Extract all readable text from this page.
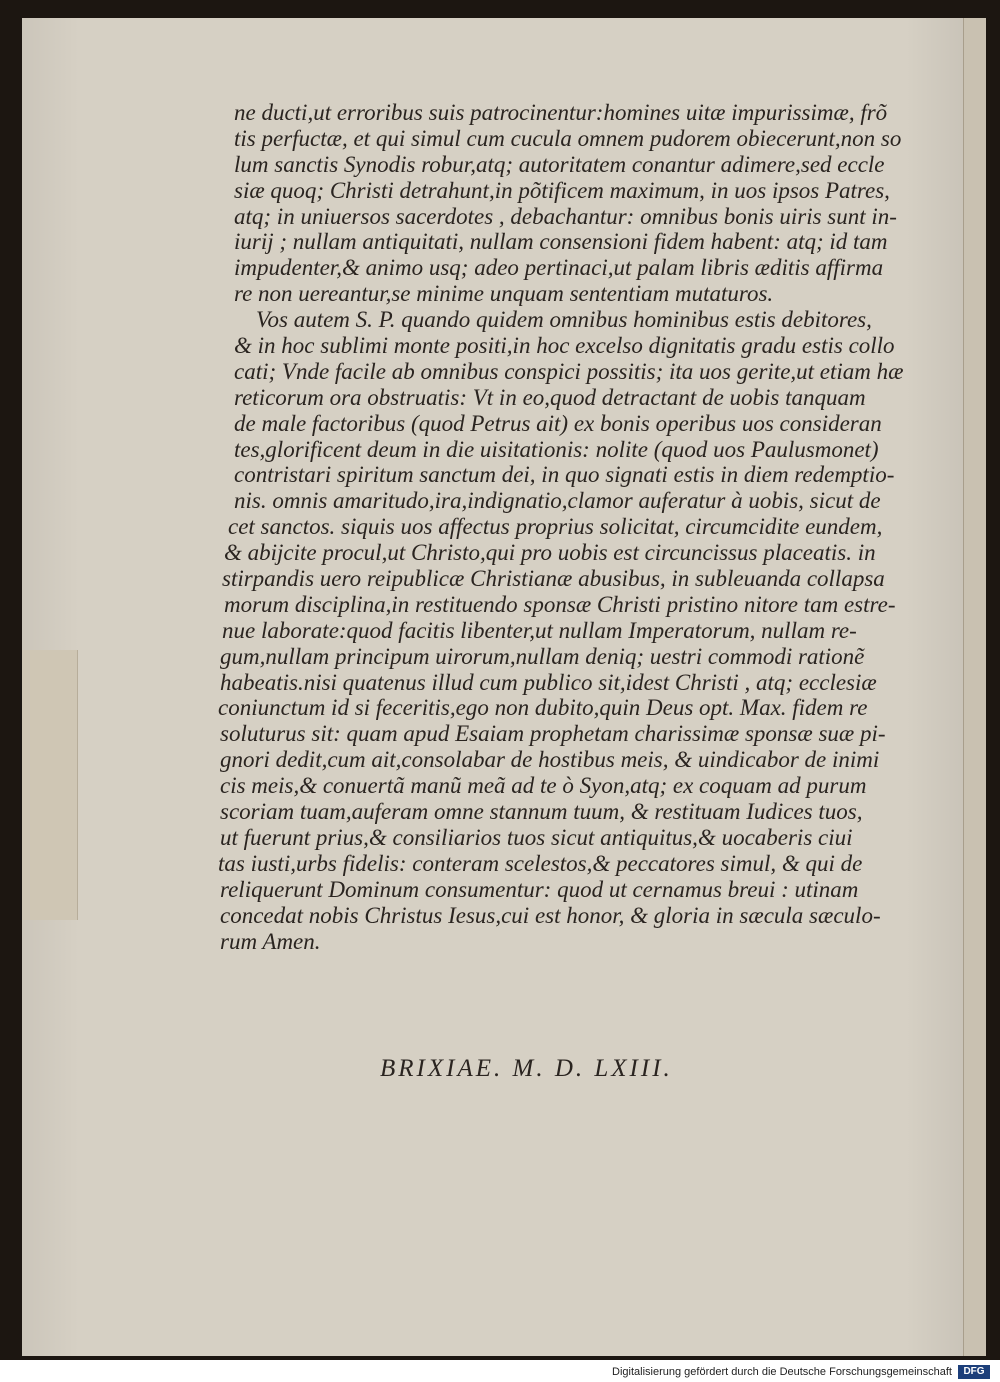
ne ducti,ut erroribus suis patrocinentur:homines uitæ impurissimæ, frõ
tis perfuctæ, et qui simul cum cucula omnem pudorem obiecerunt,non so
lum sanctis Synodis robur,atq; autoritatem conantur adimere,sed eccle
siæ quoq; Christi detrahunt,in põtificem maximum, in uos ipsos Patres,
atq; in uniuersos sacerdotes , debachantur: omnibus bonis uiris sunt in-
iurij ; nullam antiquitati, nullam consensioni fidem habent: atq; id tam
impudenter,& animo usq; adeo pertinaci,ut palam libris æditis affirma
re non uereantur,se minime unquam sententiam mutaturos.
Vos autem S. P. quando quidem omnibus hominibus estis debitores,
& in hoc sublimi monte positi,in hoc excelso dignitatis gradu estis collo
cati; Vnde facile ab omnibus conspici possitis; ita uos gerite,ut etiam hæ
reticorum ora obstruatis: Vt in eo,quod detractant de uobis tanquam
de male factoribus (quod Petrus ait) ex bonis operibus uos consideran
tes,glorificent deum in die uisitationis: nolite (quod uos Paulusmonet)
contristari spiritum sanctum dei, in quo signati estis in diem redemptio-
nis. omnis amaritudo,ira,indignatio,clamor auferatur à uobis, sicut de
cet sanctos. siquis uos affectus proprius solicitat, circumcidite eundem,
& abijcite procul,ut Christo,qui pro uobis est circuncissus placeatis. in
stirpandis uero reipublicæ Christianæ abusibus, in subleuanda collapsa
morum disciplina,in restituendo sponsæ Christi pristino nitore tam estre-
nue laborate:quod facitis libenter,ut nullam Imperatorum, nullam re-
gum,nullam principum uirorum,nullam deniq; uestri commodi rationẽ
habeatis.nisi quatenus illud cum publico sit,idest Christi , atq; ecclesiæ
coniunctum id si feceritis,ego non dubito,quin Deus opt. Max. fidem re
soluturus sit: quam apud Esaiam prophetam charissimæ sponsæ suæ pi-
gnori dedit,cum ait,consolabar de hostibus meis, & uindicabor de inimi
cis meis,& conuertã manũ meã ad te ò Syon,atq; ex coquam ad purum
scoriam tuam,auferam omne stannum tuum, & restituam Iudices tuos,
ut fuerunt prius,& consiliarios tuos sicut antiquitus,& uocaberis ciui
tas iusti,urbs fidelis: conteram scelestos,& peccatores simul, & qui de
reliquerunt Dominum consumentur: quod ut cernamus breui : utinam
concedat nobis Christus Iesus,cui est honor, & gloria in sæcula sæculo-
rum Amen.
BRIXIAE. M. D. LXIII.
Digitalisierung gefördert durch die Deutsche Forschungsgemeinschaft	DFG
